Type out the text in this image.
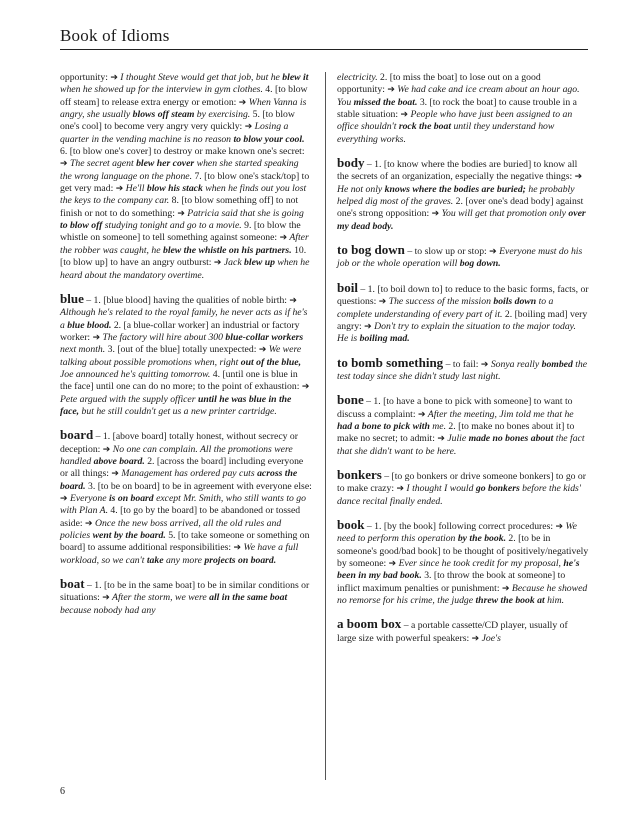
Book of Idioms

opportunity: ➔ I thought Steve would get that job, but he blew it when he showed up for the interview in gym clothes. 4. [to blow off steam] to release extra energy or emotion: ➔ When Vanna is angry, she usually blows off steam by exercising. 5. [to blow one's cool] to become very angry very quickly: ➔ Losing a quarter in the vending machine is no reason to blow your cool. 6. [to blow one's cover] to destroy or make known one's secret: ➔ The secret agent blew her cover when she started speaking the wrong language on the phone. 7. [to blow one's stack/top] to get very mad: ➔ He'll blow his stack when he finds out you lost the keys to the company car. 8. [to blow something off] to not finish or not to do something: ➔ Patricia said that she is going to blow off studying tonight and go to a movie. 9. [to blow the whistle on someone] to tell something against someone: ➔ After the robber was caught, he blew the whistle on his partners. 10. [to blow up] to have an angry outburst: ➔ Jack blew up when he heard about the mandatory overtime.

blue – 1. [blue blood] having the qualities of noble birth: ➔ Although he's related to the royal family, he never acts as if he's a blue blood. 2. [a blue-collar worker] an industrial or factory worker: ➔ The factory will hire about 300 blue-collar workers next month. 3. [out of the blue] totally unexpected: ➔ We were talking about possible promotions when, right out of the blue, Joe announced he's quitting tomorrow. 4. [until one is blue in the face] until one can do no more; to the point of exhaustion: ➔ Pete argued with the supply officer until he was blue in the face, but he still couldn't get us a new printer cartridge.

board – 1. [above board] totally honest, without secrecy or deception: ➔ No one can complain. All the promotions were handled above board. 2. [across the board] including everyone or all things: ➔ Management has ordered pay cuts across the board. 3. [to be on board] to be in agreement with everyone else: ➔ Everyone is on board except Mr. Smith, who still wants to go with Plan A. 4. [to go by the board] to be abandoned or tossed aside: ➔ Once the new boss arrived, all the old rules and policies went by the board. 5. [to take someone or something on board] to assume additional responsibilities: ➔ We have a full workload, so we can't take any more projects on board.

boat – 1. [to be in the same boat] to be in similar conditions or situations: ➔ After the storm, we were all in the same boat because nobody had any

electricity. 2. [to miss the boat] to lose out on a good opportunity: ➔ We had cake and ice cream about an hour ago. You missed the boat. 3. [to rock the boat] to cause trouble in a stable situation: ➔ People who have just been assigned to an office shouldn't rock the boat until they understand how everything works.

body – 1. [to know where the bodies are buried] to know all the secrets of an organization, especially the negative things: ➔ He not only knows where the bodies are buried; he probably helped dig most of the graves. 2. [over one's dead body] against one's strong opposition: ➔ You will get that promotion only over my dead body.

to bog down – to slow up or stop: ➔ Everyone must do his job or the whole operation will bog down.

boil – 1. [to boil down to] to reduce to the basic forms, facts, or questions: ➔ The success of the mission boils down to a complete understanding of every part of it. 2. [boiling mad] very angry: ➔ Don't try to explain the situation to the major today. He is boiling mad.

to bomb something – to fail: ➔ Sonya really bombed the test today since she didn't study last night.

bone – 1. [to have a bone to pick with someone] to want to discuss a complaint: ➔ After the meeting, Jim told me that he had a bone to pick with me. 2. [to make no bones about it] to make no secret; to admit: ➔ Julie made no bones about the fact that she didn't want to be here.

bonkers – [to go bonkers or drive someone bonkers] to go or to make crazy: ➔ I thought I would go bonkers before the kids' dance recital finally ended.

book – 1. [by the book] following correct procedures: ➔ We need to perform this operation by the book. 2. [to be in someone's good/bad book] to be thought of positively/negatively by someone: ➔ Ever since he took credit for my proposal, he's been in my bad book. 3. [to throw the book at someone] to inflict maximum penalties or punishment: ➔ Because he showed no remorse for his crime, the judge threw the book at him.

a boom box – a portable cassette/CD player, usually of large size with powerful speakers: ➔ Joe's

6
